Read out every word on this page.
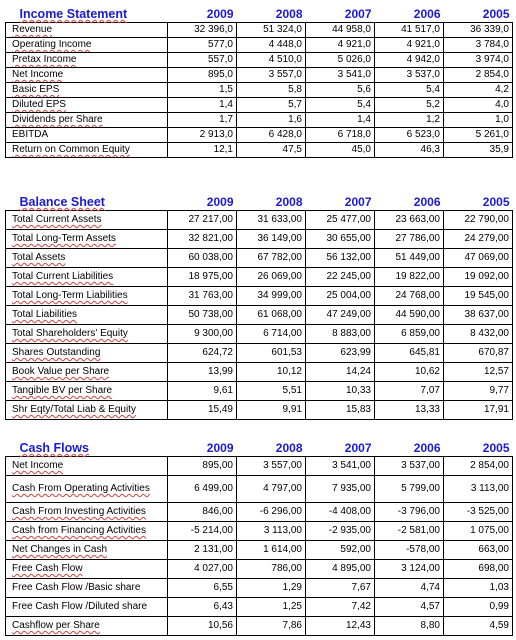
Income Statement	2009	2008	2007	2006	2005
Revenue	32 396,0	51 324,0	44 958,0	41 517,0	36 339,0
Operating Income	577,0	4 448,0	4 921,0	4 921,0	3 784,0
Pretax Income	557,0	4 510,0	5 026,0	4 942,0	3 974,0
Net Income	895,0	3 557,0	3 541,0	3 537,0	2 854,0
Basic EPS	1,5	5,8	5,6	5,4	4,2
Diluted EPS	1,4	5,7	5,4	5,2	4,0
Dividends per Share	1,7	1,6	1,4	1,2	1,0
EBITDA	2 913,0	6 428,0	6 718,0	6 523,0	5 261,0
Return on Common Equity	12,1	47,5	45,0	46,3	35,9
Balance Sheet	2009	2008	2007	2006	2005
Total Current Assets	27 217,00	31 633,00	25 477,00	23 663,00	22 790,00
Total Long-Term Assets	32 821,00	36 149,00	30 655,00	27 786,00	24 279,00
Total Assets	60 038,00	67 782,00	56 132,00	51 449,00	47 069,00
Total Current Liabilities	18 975,00	26 069,00	22 245,00	19 822,00	19 092,00
Total Long-Term Liabilities	31 763,00	34 999,00	25 004,00	24 768,00	19 545,00
Total Liabilities	50 738,00	61 068,00	47 249,00	44 590,00	38 637,00
Total Shareholders' Equity	9 300,00	6 714,00	8 883,00	6 859,00	8 432,00
Shares Outstanding	624,72	601,53	623,99	645,81	670,87
Book Value per Share	13,99	10,12	14,24	10,62	12,57
Tangible BV per Share	9,61	5,51	10,33	7,07	9,77
Shr Eqty/Total Liab & Equity	15,49	9,91	15,83	13,33	17,91
Cash Flows	2009	2008	2007	2006	2005
Net Income	895,00	3 557,00	3 541,00	3 537,00	2 854,00
Cash From Operating Activities	6 499,00	4 797,00	7 935,00	5 799,00	3 113,00
Cash From Investing Activities	846,00	-6 296,00	-4 408,00	-3 796,00	-3 525,00
Cash from Financing Activities	-5 214,00	3 113,00	-2 935,00	-2 581,00	1 075,00
Net Changes in Cash	2 131,00	1 614,00	592,00	-578,00	663,00
Free Cash Flow	4 027,00	786,00	4 895,00	3 124,00	698,00
Free Cash Flow /Basic share	6,55	1,29	7,67	4,74	1,03
Free Cash Flow /Diluted share	6,43	1,25	7,42	4,57	0,99
Cashflow per Share	10,56	7,86	12,43	8,80	4,59
